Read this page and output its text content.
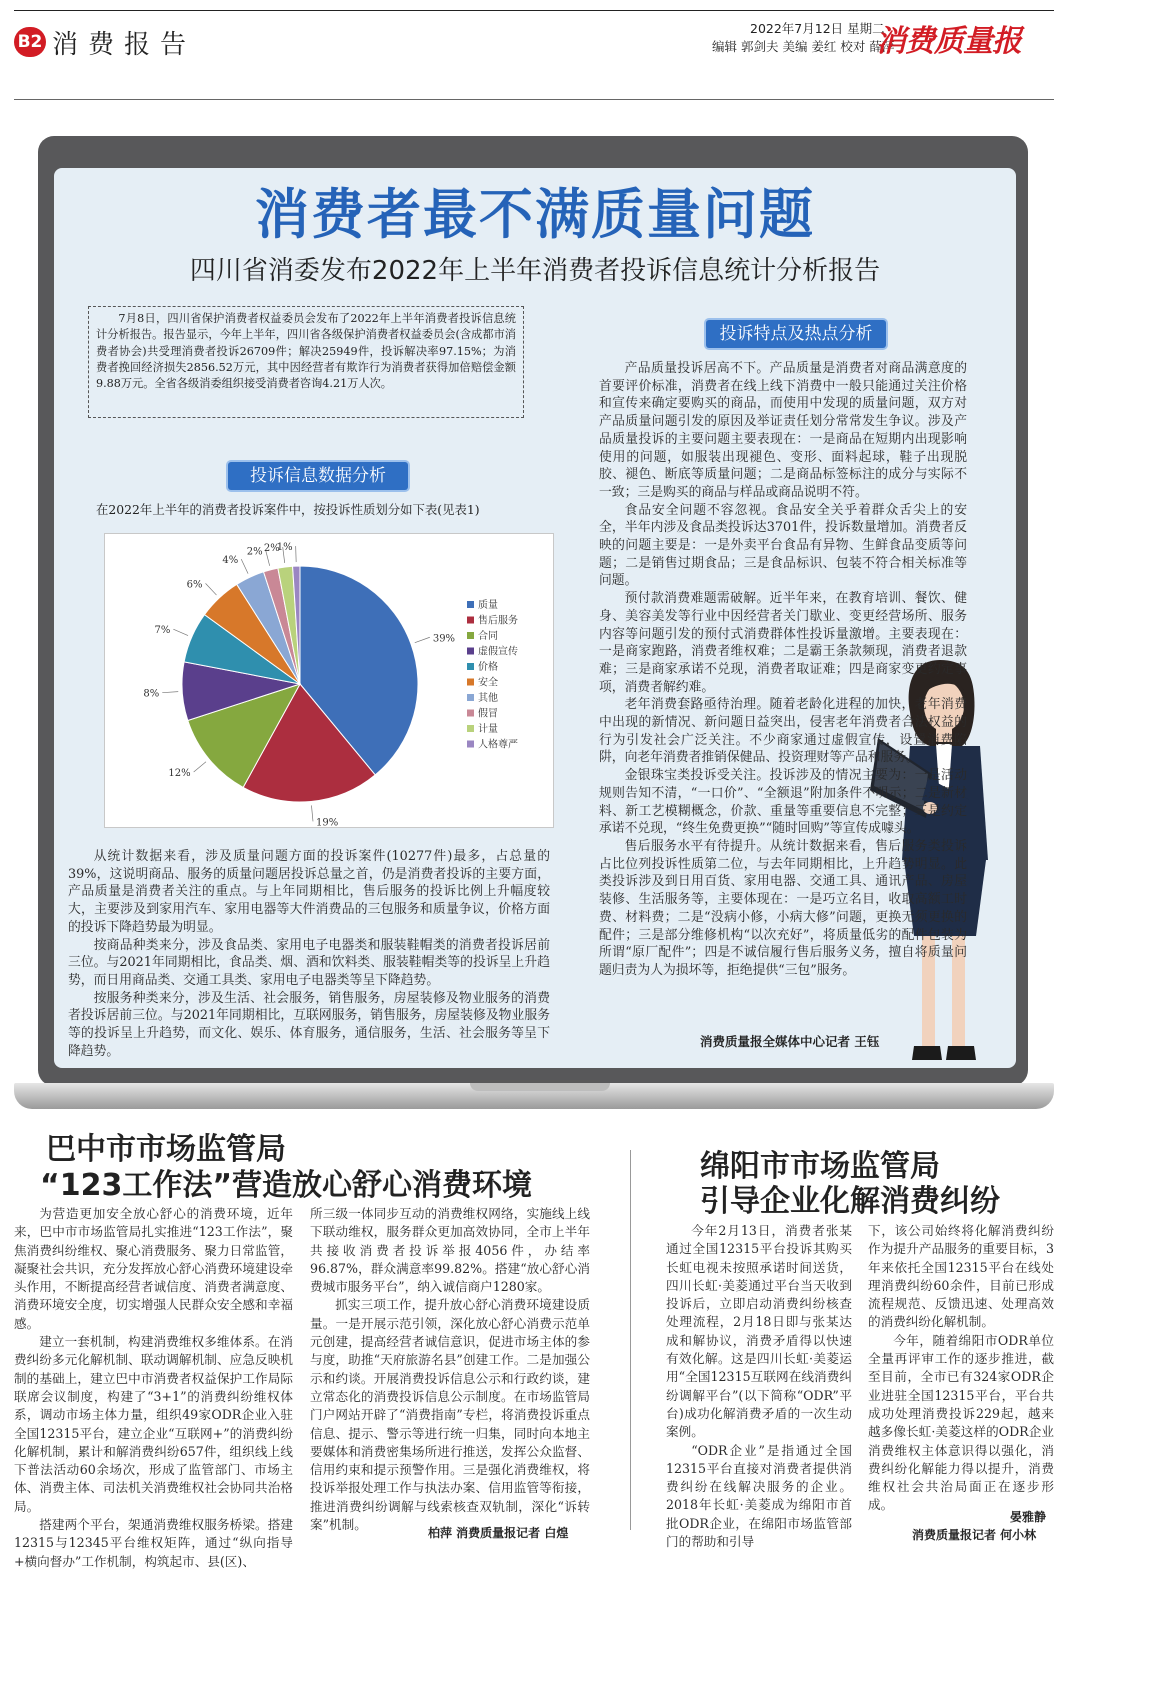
B2 消费报告
2022年7月12日 星期二
编辑 郭剑夫 美编 姜红 校对 薛萍
消费质量报
消费者最不满质量问题
四川省消委发布2022年上半年消费者投诉信息统计分析报告
7月8日，四川省保护消费者权益委员会发布了2022年上半年消费者投诉信息统计分析报告。报告显示，今年上半年，四川省各级保护消费者权益委员会(含成都市消费者协会)共受理消费者投诉26709件；解决25949件，投诉解决率97.15%；为消费者挽回经济损失2856.52万元，其中因经营者有欺诈行为消费者获得加倍赔偿金额9.88万元。全省各级消委组织接受消费者咨询4.21万人次。
投诉信息数据分析
在2022年上半年的消费者投诉案件中，按投诉性质划分如下表(见表1)
39%
19%
12%
8%
7%
6%
4%
2% 2%
1%
质量
售后服务
合同
虚假宣传
价格
安全
其他
假冒
计量
人格尊严

从统计数据来看，涉及质量问题方面的投诉案件(10277件)最多，占总量的39%，这说明商品、服务的质量问题居投诉总量之首，仍是消费者投诉的主要方面，产品质量是消费者关注的重点。与上年同期相比，售后服务的投诉比例上升幅度较大，主要涉及到家用汽车、家用电器等大件消费品的三包服务和质量争议，价格方面的投诉下降趋势最为明显。

按商品种类来分，涉及食品类、家用电子电器类和服装鞋帽类的消费者投诉居前三位。与2021年同期相比，食品类、烟、酒和饮料类、服装鞋帽类等的投诉呈上升趋势，而日用商品类、交通工具类、家用电子电器类等呈下降趋势。

按服务种类来分，涉及生活、社会服务，销售服务，房屋装修及物业服务的消费者投诉居前三位。与2021年同期相比，互联网服务，销售服务，房屋装修及物业服务等的投诉呈上升趋势，而文化、娱乐、体育服务，通信服务，生活、社会服务等呈下降趋势。

投诉特点及热点分析

产品质量投诉居高不下。产品质量是消费者对商品满意度的首要评价标准，消费者在线上线下消费中一般只能通过关注价格和宣传来确定要购买的商品，而使用中发现的质量问题，双方对产品质量问题引发的原因及举证责任划分常常发生争议。涉及产品质量投诉的主要问题主要表现在：一是商品在短期内出现影响使用的问题，如服装出现褪色、变形、面料起球，鞋子出现脱胶、褪色、断底等质量问题；二是商品标签标注的成分与实际不一致；三是购买的商品与样品或商品说明不符。

食品安全问题不容忽视。食品安全关乎着群众舌尖上的安全，半年内涉及食品类投诉达3701件，投诉数量增加。消费者反映的问题主要是：一是外卖平台食品有异物、生鲜食品变质等问题；二是销售过期食品；三是食品标识、包装不符合相关标准等问题。

预付款消费难题需破解。近半年来，在教育培训、餐饮、健身、美容美发等行业中因经营者关门歇业、变更经营场所、服务内容等问题引发的预付式消费群体性投诉量激增。主要表现在：一是商家跑路，消费者维权难；二是霸王条款频现，消费者退款难；三是商家承诺不兑现，消费者取证难；四是商家变更约定事项，消费者解约难。

老年消费套路亟待治理。随着老龄化进程的加快，老年消费中出现的新情况、新问题日益突出，侵害老年消费者合法权益的行为引发社会广泛关注。不少商家通过虚假宣传，设置消费陷阱，向老年消费者推销保健品、投资理财等产品和服务。

金银珠宝类投诉受关注。投诉涉及的情况主要为：一是活动规则告知不清，“一口价”、“全额退”附加条件不明示；二是新材料、新工艺模糊概念，价款、重量等重要信息不完整；三是约定承诺不兑现，“终生免费更换”“随时回购”等宣传成噱头。

售后服务水平有待提升。从统计数据来看，售后服务类投诉占比位列投诉性质第二位，与去年同期相比，上升趋势明显。此类投诉涉及到日用百货、家用电器、交通工具、通讯产品、房屋装修、生活服务等，主要体现在：一是巧立名目，收取高额工时费、材料费；二是“没病小修，小病大修”问题，更换无须更换的配件；三是部分维修机构“以次充好”，将质量低劣的配件包装为所谓“原厂配件”；四是不诚信履行售后服务义务，擅自将质量问题归责为人为损坏等，拒绝提供“三包”服务。

消费质量报全媒体中心记者 王钰
巴中市市场监管局
“123工作法”营造放心舒心消费环境

为营造更加安全放心舒心的消费环境，近年来，巴中市市场监管局扎实推进“123工作法”，聚焦消费纠纷维权、聚心消费服务、聚力日常监管，凝聚社会共识，充分发挥放心舒心消费环境建设牵头作用，不断提高经营者诚信度、消费者满意度、消费环境安全度，切实增强人民群众安全感和幸福感。

建立一套机制，构建消费维权多维体系。在消费纠纷多元化解机制、联动调解机制、应急反映机制的基础上，建立巴中市消费者权益保护工作局际联席会议制度，构建了“3+1”的消费纠纷维权体系，调动市场主体力量，组织49家ODR企业入驻全国12315平台，建立企业“互联网+”的消费纠纷化解机制，累计和解消费纠纷657件，组织线上线下普法活动60余场次，形成了监管部门、市场主体、消费主体、司法机关消费维权社会协同共治格局。

搭建两个平台，架通消费维权服务桥梁。搭建12315与12345平台维权矩阵，通过“纵向指导+横向督办”工作机制，构筑起市、县(区)、

所三级一体同步互动的消费维权网络，实施线上线下联动维权，服务群众更加高效协同，全市上半年共接收消费者投诉举报4056件，办结率96.87%，群众满意率99.82%。搭建“放心舒心消费城市服务平台”，纳入诚信商户1280家。

抓实三项工作，提升放心舒心消费环境建设质量。一是开展示范引领，深化放心舒心消费示范单元创建，提高经营者诚信意识，促进市场主体的参与度，助推“天府旅游名县”创建工作。二是加强公示和约谈。开展消费投诉信息公示和行政约谈，建立常态化的消费投诉信息公示制度。在市场监管局门户网站开辟了“消费指南”专栏，将消费投诉重点信息、提示、警示等进行统一归集，同时向本地主要媒体和消费密集场所进行推送，发挥公众监督、信用约束和提示预警作用。三是强化消费维权，将投诉举报处理工作与执法办案、信用监管等衔接，推进消费纠纷调解与线索核查双轨制，深化“诉转案”机制。

柏萍 消费质量报记者 白煌
绵阳市市场监管局
引导企业化解消费纠纷

今年2月13日，消费者张某通过全国12315平台投诉其购买长虹电视未按照承诺时间送货，四川长虹·美菱通过平台当天收到投诉后，立即启动消费纠纷核查处理流程，2月18日即与张某达成和解协议，消费矛盾得以快速有效化解。这是四川长虹·美菱运用“全国12315互联网在线消费纠纷调解平台”(以下简称“ODR”平台)成功化解消费矛盾的一次生动案例。

“ODR企业”是指通过全国12315平台直接对消费者提供消费纠纷在线解决服务的企业。2018年长虹·美菱成为绵阳市首批ODR企业，在绵阳市场监管部门的帮助和引导

下，该公司始终将化解消费纠纷作为提升产品服务的重要目标，3年来依托全国12315平台在线处理消费纠纷60余件，目前已形成流程规范、反馈迅速、处理高效的消费纠纷化解机制。

今年，随着绵阳市ODR单位全量再评审工作的逐步推进，截至目前，全市已有324家ODR企业进驻全国12315平台，平台共成功处理消费投诉229起，越来越多像长虹·美菱这样的ODR企业消费维权主体意识得以强化，消费纠纷化解能力得以提升，消费维权社会共治局面正在逐步形成。

晏雅静
消费质量报记者 何小林
